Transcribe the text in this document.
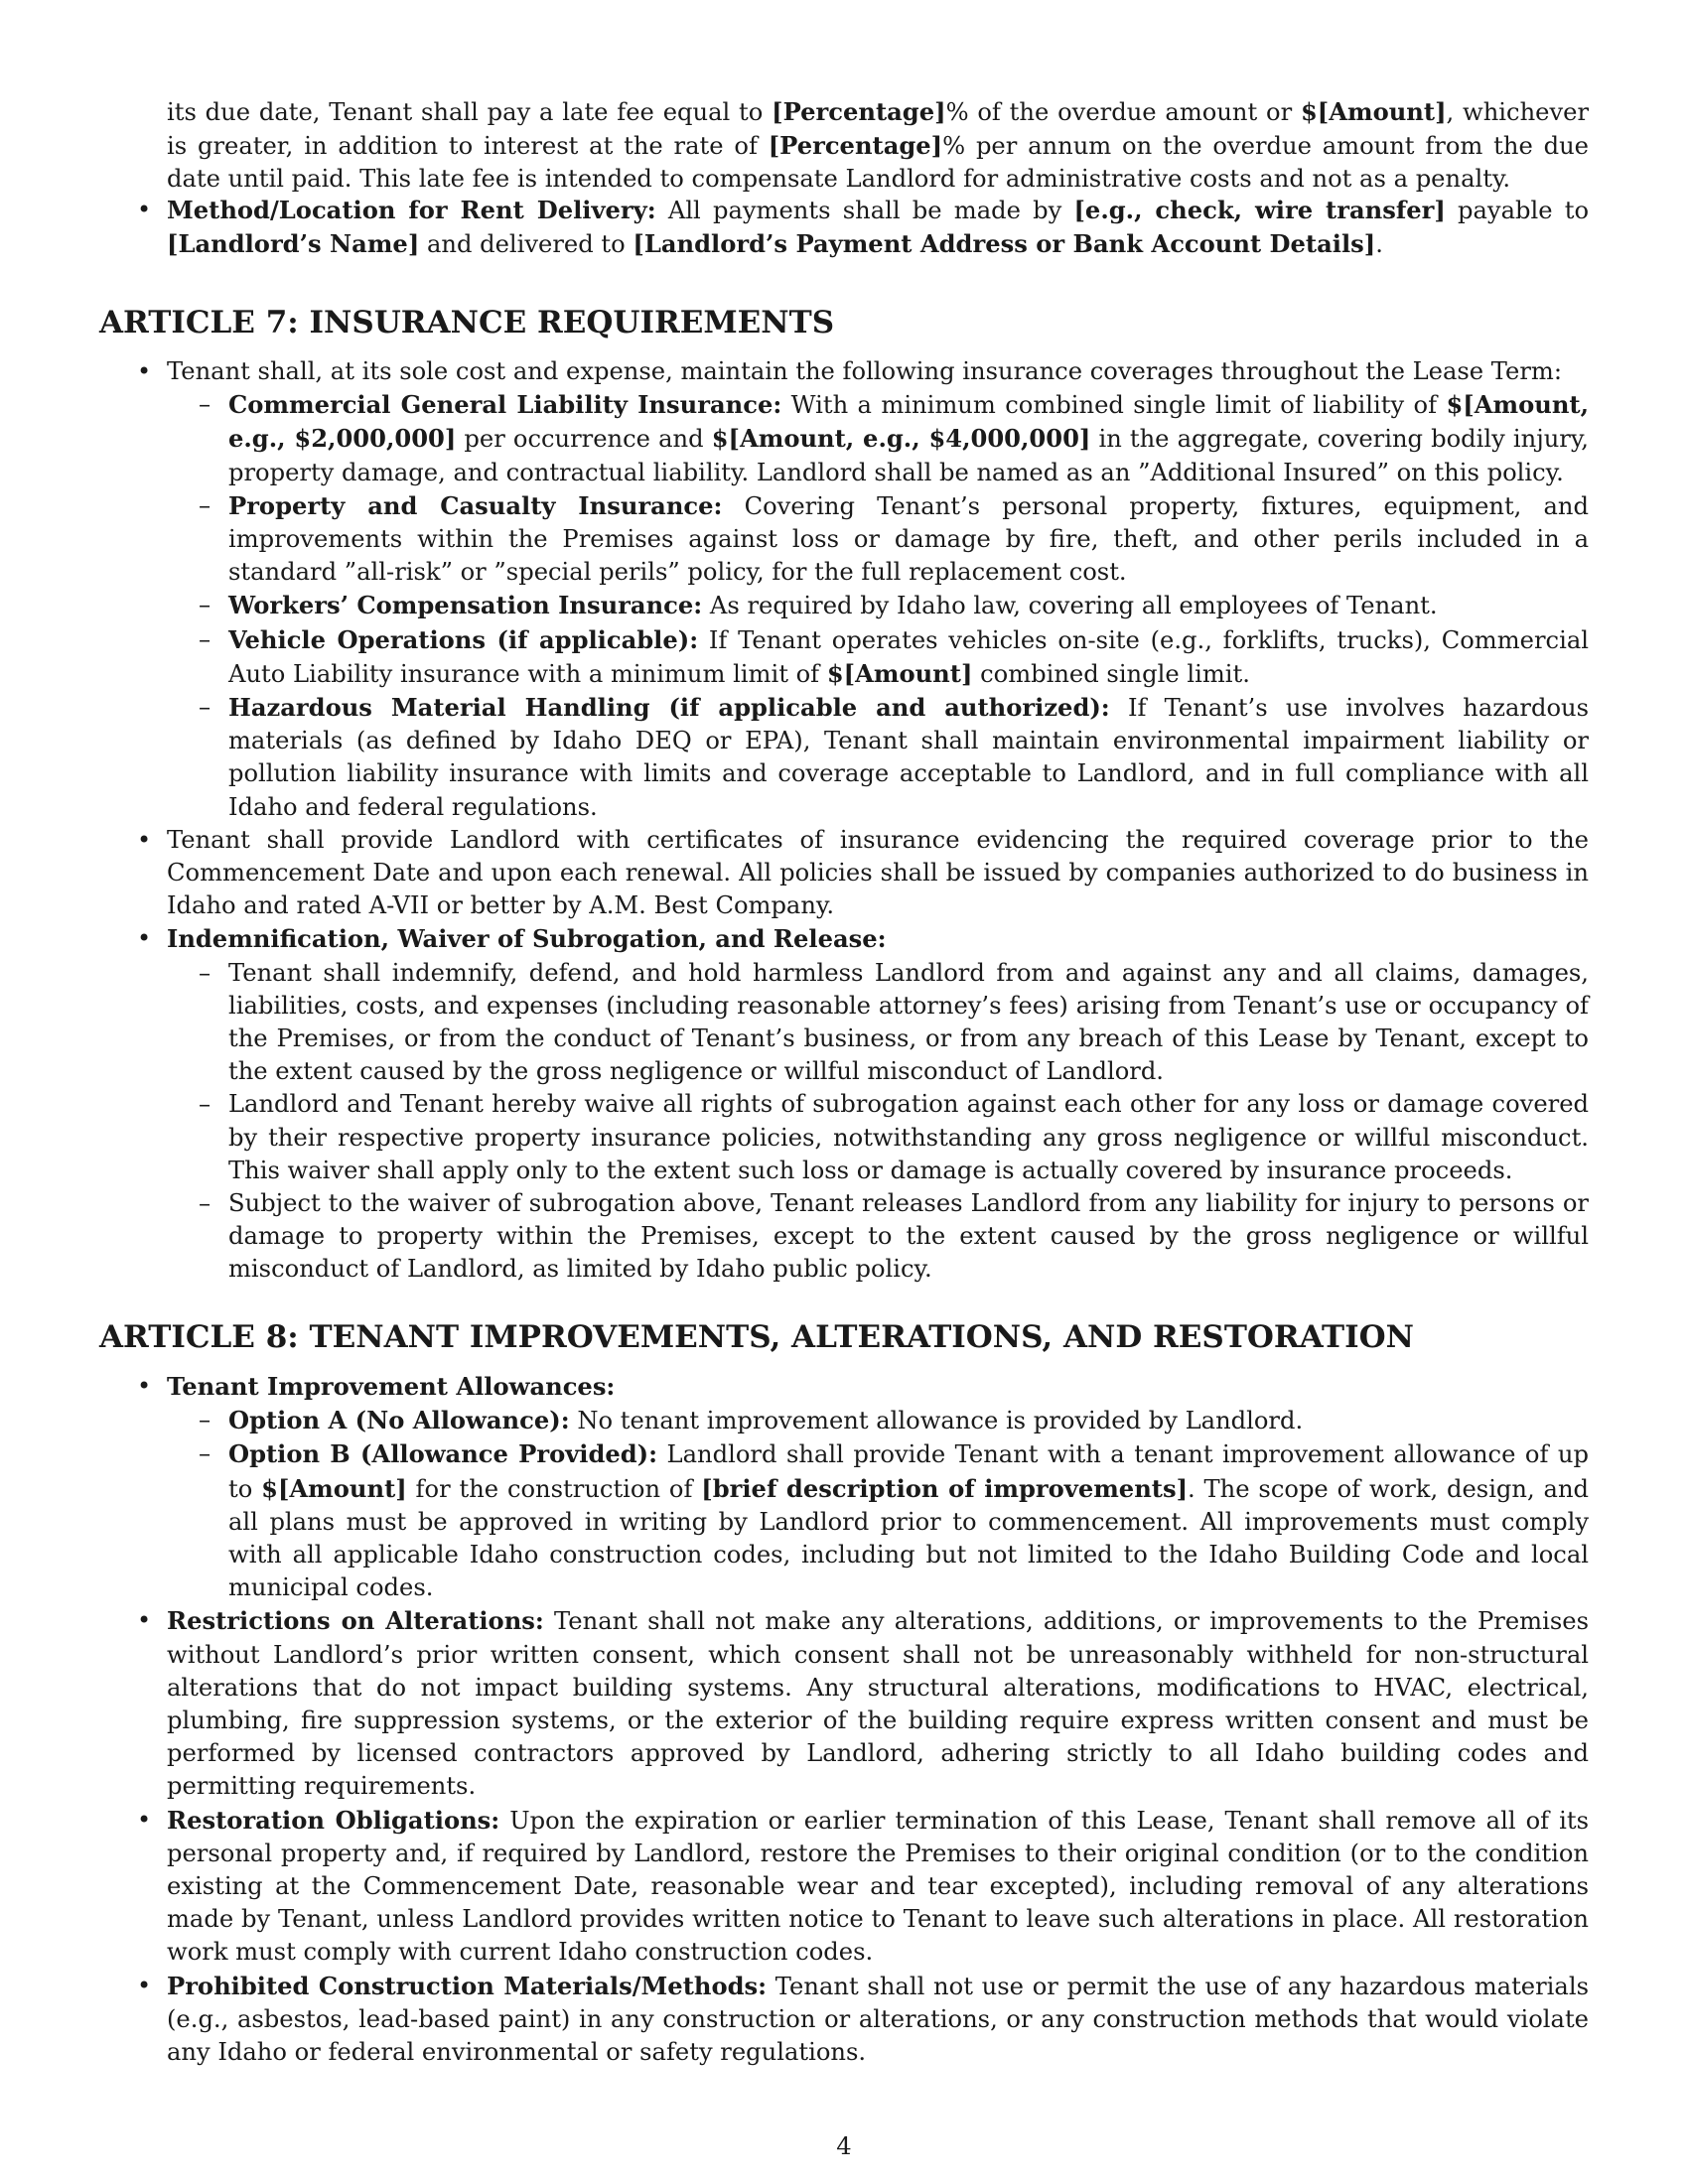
its due date, Tenant shall pay a late fee equal to [Percentage]% of the overdue amount or $[Amount], whichever is greater, in addition to interest at the rate of [Percentage]% per annum on the overdue amount from the due date until paid. This late fee is intended to compensate Landlord for administrative costs and not as a penalty.

• Method/Location for Rent Delivery: All payments shall be made by [e.g., check, wire transfer] payable to [Landlord’s Name] and delivered to [Landlord’s Payment Address or Bank Account Details].
ARTICLE 7: INSURANCE REQUIREMENTS
• Tenant shall, at its sole cost and expense, maintain the following insurance coverages throughout the Lease Term:
– Commercial General Liability Insurance: With a minimum combined single limit of liability of $[Amount, e.g., $2,000,000] per occurrence and $[Amount, e.g., $4,000,000] in the aggregate, covering bodily injury, property damage, and contractual liability. Landlord shall be named as an ”Additional Insured” on this policy.
– Property and Casualty Insurance: Covering Tenant’s personal property, fixtures, equipment, and improvements within the Premises against loss or damage by fire, theft, and other perils included in a standard ”all-risk” or ”special perils” policy, for the full replacement cost.
– Workers’ Compensation Insurance: As required by Idaho law, covering all employees of Tenant.
– Vehicle Operations (if applicable): If Tenant operates vehicles on-site (e.g., forklifts, trucks), Commercial Auto Liability insurance with a minimum limit of $[Amount] combined single limit.
– Hazardous Material Handling (if applicable and authorized): If Tenant’s use involves hazardous materials (as defined by Idaho DEQ or EPA), Tenant shall maintain environmental impairment liability or pollution liability insurance with limits and coverage acceptable to Landlord, and in full compliance with all Idaho and federal regulations.
• Tenant shall provide Landlord with certificates of insurance evidencing the required coverage prior to the Commencement Date and upon each renewal. All policies shall be issued by companies authorized to do business in Idaho and rated A-VII or better by A.M. Best Company.
• Indemnification, Waiver of Subrogation, and Release:
– Tenant shall indemnify, defend, and hold harmless Landlord from and against any and all claims, damages, liabilities, costs, and expenses (including reasonable attorney’s fees) arising from Tenant’s use or occupancy of the Premises, or from the conduct of Tenant’s business, or from any breach of this Lease by Tenant, except to the extent caused by the gross negligence or willful misconduct of Landlord.
– Landlord and Tenant hereby waive all rights of subrogation against each other for any loss or damage covered by their respective property insurance policies, notwithstanding any gross negligence or willful misconduct. This waiver shall apply only to the extent such loss or damage is actually covered by insurance proceeds.
– Subject to the waiver of subrogation above, Tenant releases Landlord from any liability for injury to persons or damage to property within the Premises, except to the extent caused by the gross negligence or willful misconduct of Landlord, as limited by Idaho public policy.
ARTICLE 8: TENANT IMPROVEMENTS, ALTERATIONS, AND RESTORATION
• Tenant Improvement Allowances:
– Option A (No Allowance): No tenant improvement allowance is provided by Landlord.
– Option B (Allowance Provided): Landlord shall provide Tenant with a tenant improvement allowance of up to $[Amount] for the construction of [brief description of improvements]. The scope of work, design, and all plans must be approved in writing by Landlord prior to commencement. All improvements must comply with all applicable Idaho construction codes, including but not limited to the Idaho Building Code and local municipal codes.
• Restrictions on Alterations: Tenant shall not make any alterations, additions, or improvements to the Premises without Landlord’s prior written consent, which consent shall not be unreasonably withheld for non-structural alterations that do not impact building systems. Any structural alterations, modifications to HVAC, electrical, plumbing, fire suppression systems, or the exterior of the building require express written consent and must be performed by licensed contractors approved by Landlord, adhering strictly to all Idaho building codes and permitting requirements.
• Restoration Obligations: Upon the expiration or earlier termination of this Lease, Tenant shall remove all of its personal property and, if required by Landlord, restore the Premises to their original condition (or to the condition existing at the Commencement Date, reasonable wear and tear excepted), including removal of any alterations made by Tenant, unless Landlord provides written notice to Tenant to leave such alterations in place. All restoration work must comply with current Idaho construction codes.
• Prohibited Construction Materials/Methods: Tenant shall not use or permit the use of any hazardous materials (e.g., asbestos, lead-based paint) in any construction or alterations, or any construction methods that would violate any Idaho or federal environmental or safety regulations.
4
